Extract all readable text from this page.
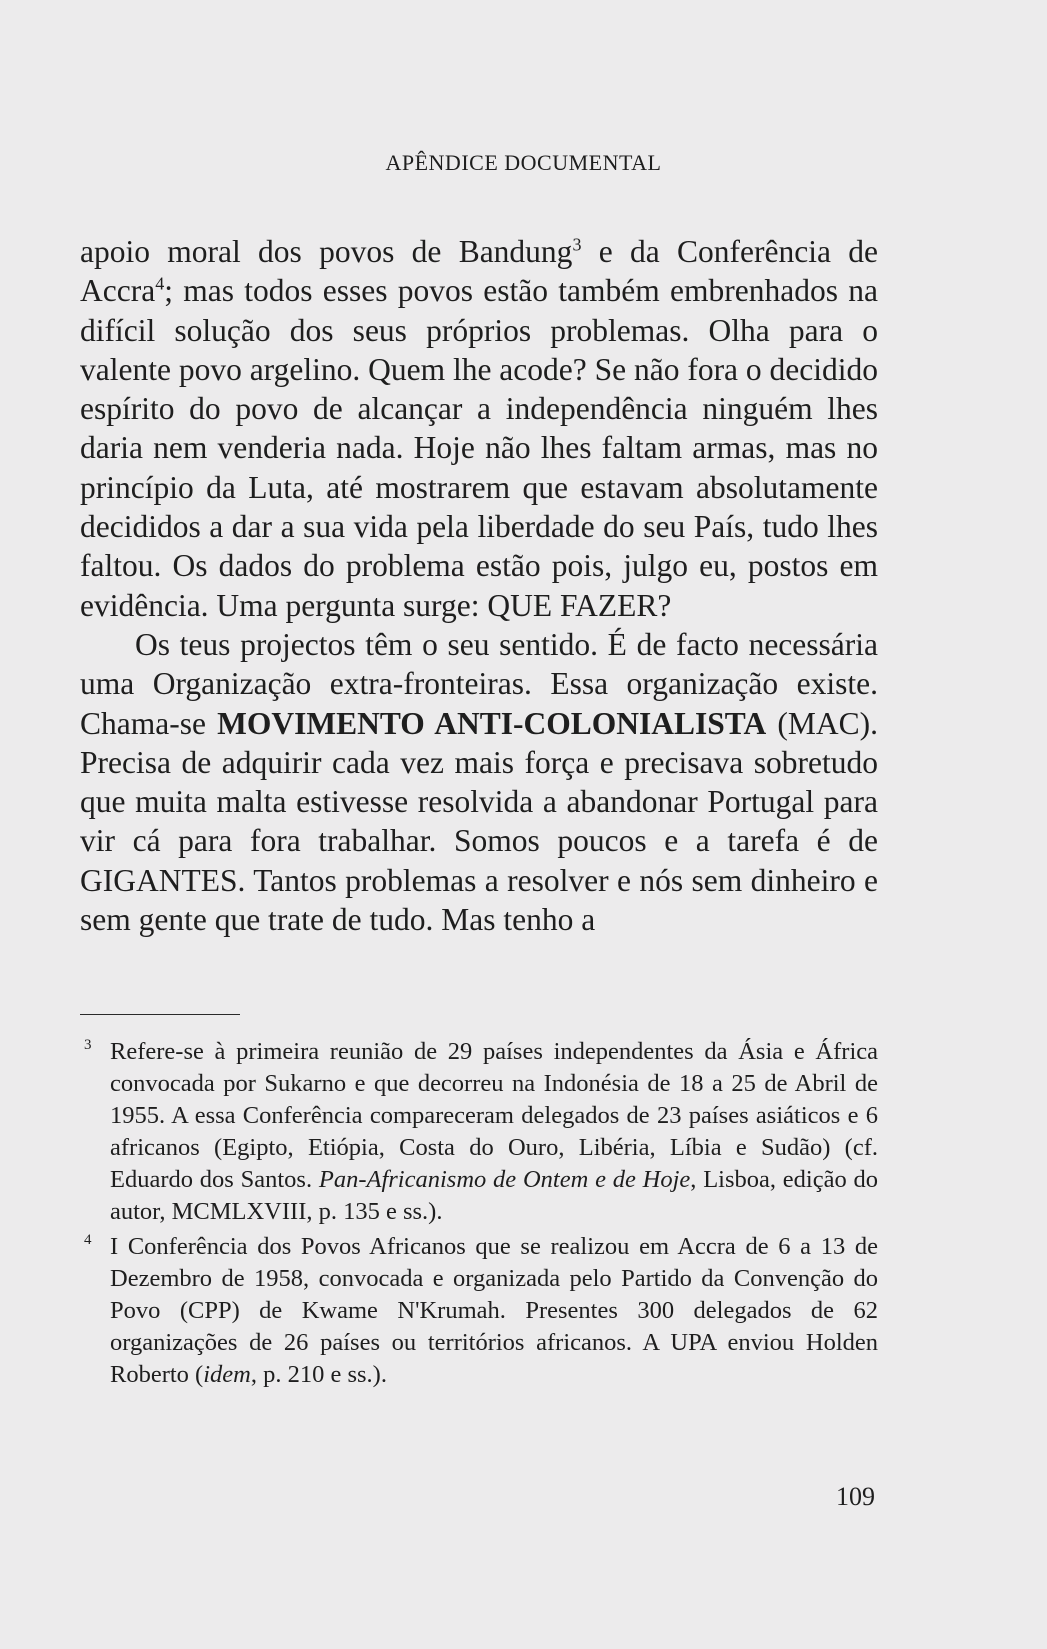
APÊNDICE DOCUMENTAL

apoio moral dos povos de Bandung$^3$ e da Conferência de Accra$^4$; mas todos esses povos estão também embrenhados na difícil solução dos seus próprios problemas. Olha para o valente povo argelino. Quem lhe acode? Se não fora o decidido espírito do povo de alcançar a independência ninguém lhes daria nem venderia nada. Hoje não lhes faltam armas, mas no princípio da Luta, até mostrarem que estavam absolutamente decididos a dar a sua vida pela liberdade do seu País, tudo lhes faltou. Os dados do problema estão pois, julgo eu, postos em evidência. Uma pergunta surge: QUE FAZER?

Os teus projectos têm o seu sentido. É de facto necessária uma Organização extra-fronteiras. Essa organização existe. Chama-se MOVIMENTO ANTI-COLONIALISTA (MAC). Precisa de adquirir cada vez mais força e precisava sobretudo que muita malta estivesse resolvida a abandonar Portugal para vir cá para fora trabalhar. Somos poucos e a tarefa é de GIGANTES. Tantos problemas a resolver e nós sem dinheiro e sem gente que trate de tudo. Mas tenho a

3 Refere-se à primeira reunião de 29 países independentes da Ásia e África convocada por Sukarno e que decorreu na Indonésia de 18 a 25 de Abril de 1955. A essa Conferência compareceram delegados de 23 países asiáticos e 6 africanos (Egipto, Etiópia, Costa do Ouro, Libéria, Líbia e Sudão) (cf. Eduardo dos Santos. Pan-Africanismo de Ontem e de Hoje, Lisboa, edição do autor, MCMLXVIII, p. 135 e ss.).
4 I Conferência dos Povos Africanos que se realizou em Accra de 6 a 13 de Dezembro de 1958, convocada e organizada pelo Partido da Convenção do Povo (CPP) de Kwame N'Krumah. Presentes 300 delegados de 62 organizações de 26 países ou territórios africanos. A UPA enviou Holden Roberto (idem, p. 210 e ss.).
109
